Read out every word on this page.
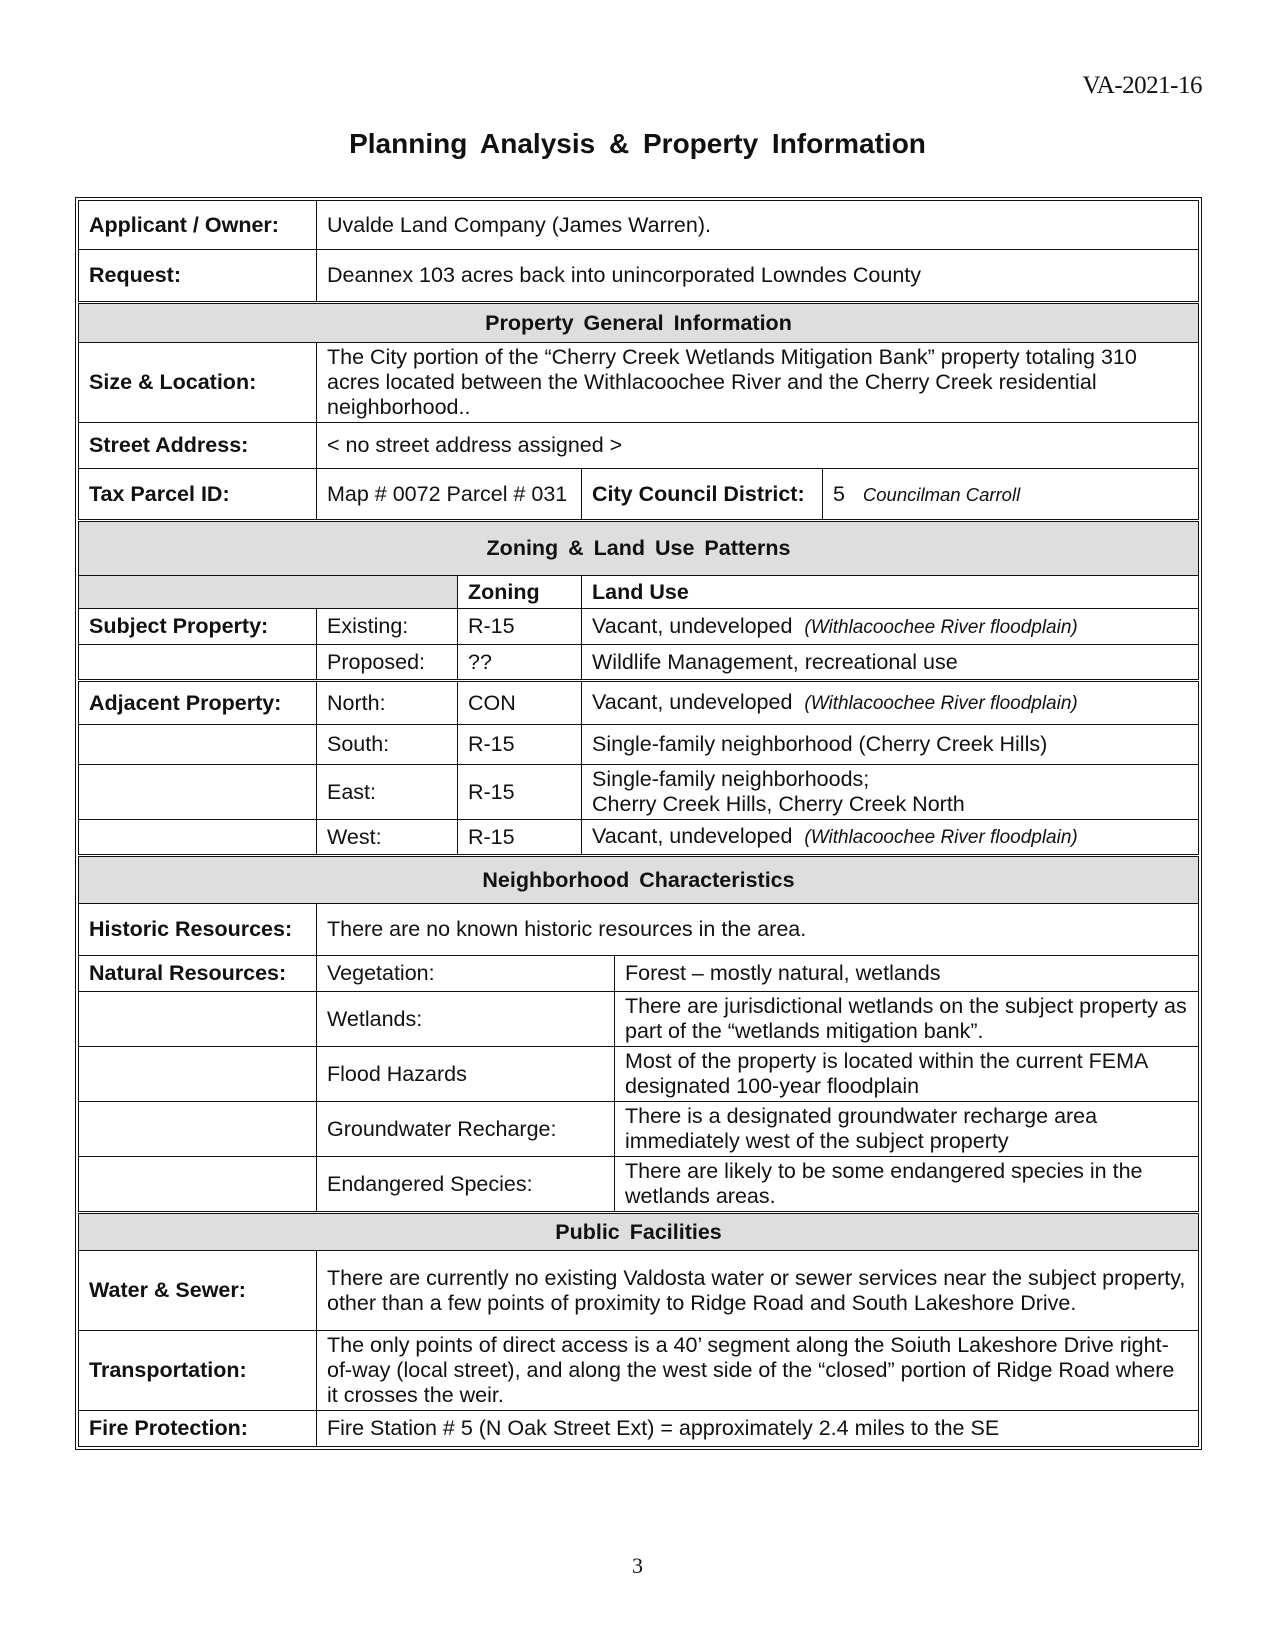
VA-2021-16
Planning Analysis & Property Information
Applicant / Owner:	Uvalde Land Company (James Warren).				
Request:	Deannex 103 acres back into unincorporated Lowndes County				
Property General Information					
Size & Location:	The City portion of the “Cherry Creek Wetlands Mitigation Bank” property totaling 310 acres located between the Withlacoochee River and the Cherry Creek residential neighborhood..				
Street Address:	< no street address assigned >				
Tax Parcel ID:	Map # 0072 Parcel # 031		City Council District:		5 Councilman Carroll
Zoning & Land Use Patterns					
		Zoning	Land Use		
Subject Property:	Existing:	R-15	Vacant, undeveloped (Withlacoochee River floodplain)		
	Proposed:	??	Wildlife Management, recreational use		
Adjacent Property:	North:	CON	Vacant, undeveloped (Withlacoochee River floodplain)		
	South:	R-15	Single-family neighborhood (Cherry Creek Hills)		
	East:	R-15	Single-family neighborhoods;
Cherry Creek Hills, Cherry Creek North		

	West:	R-15	Vacant, undeveloped (Withlacoochee River floodplain)		
Neighborhood Characteristics					
Historic Resources:	There are no known historic resources in the area.				
Natural Resources:	Vegetation:			Forest – mostly natural, wetlands	
	Wetlands:			There are jurisdictional wetlands on the subject property as part of the “wetlands mitigation bank”.	
	Flood Hazards			Most of the property is located within the current FEMA designated 100-year floodplain	
	Groundwater Recharge:			There is a designated groundwater recharge area immediately west of the subject property	
	Endangered Species:			There are likely to be some endangered species in the wetlands areas.	
Public Facilities					
Water & Sewer:	There are currently no existing Valdosta water or sewer services near the subject property, other than a few points of proximity to Ridge Road and South Lakeshore Drive.				
Transportation:	The only points of direct access is a 40’ segment along the Soiuth Lakeshore Drive right-of-way (local street), and along the west side of the “closed” portion of Ridge Road where it crosses the weir.				
Fire Protection:	Fire Station # 5 (N Oak Street Ext) = approximately 2.4 miles to the SE				
3
